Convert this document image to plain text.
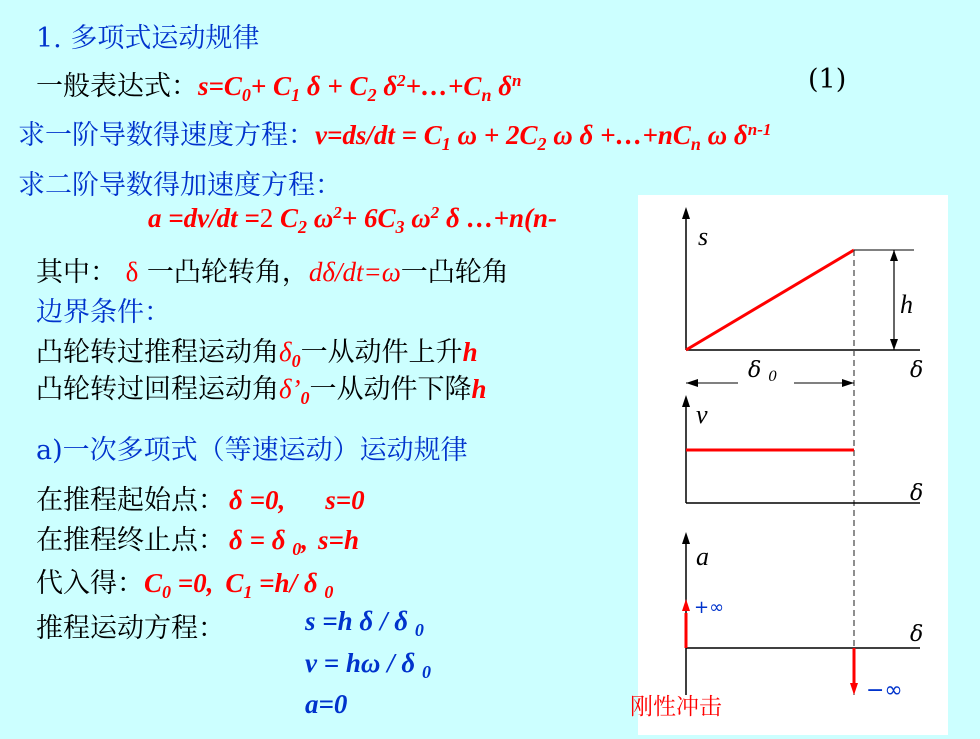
1. 多项式运动规律
一般表达式：$s=C_0+ C_1$ $\delta + C_2$ $\delta^2+\dots+C_n$ $\delta^n$	(1)
求一阶导数得速度方程：$v=ds/dt = C_1$ $\omega + 2C_2$ ω $\delta +\dots+nC_n$ ω $\delta^{n-1}$
求二阶导数得加速度方程：
a =dv/dt =2 $C_2$ $\omega^2+ 6C_3$ $\omega^2$ δ …+n(n-
其中： δ 一凸轮转角，dδ/dt=ω一凸轮角
边界条件：
凸轮转过推程运动角$\delta_0$一从动件上升h
凸轮转过回程运动角$\delta’_0$一从动件下降h
a)一次多项式（等速运动）运动规律
在推程起始点： δ =0, s=0
在推程终止点： δ = δ $_0$, s=h
代入得：$C_0 =0$, $C_1 =h/$ δ $_0$
推程运动方程：	s =h δ / δ $_0$
v = hω / δ $_0$
a=0
s
h
δ
δ 0
v
δ
a
+∞
−∞
δ
刚性冲击
